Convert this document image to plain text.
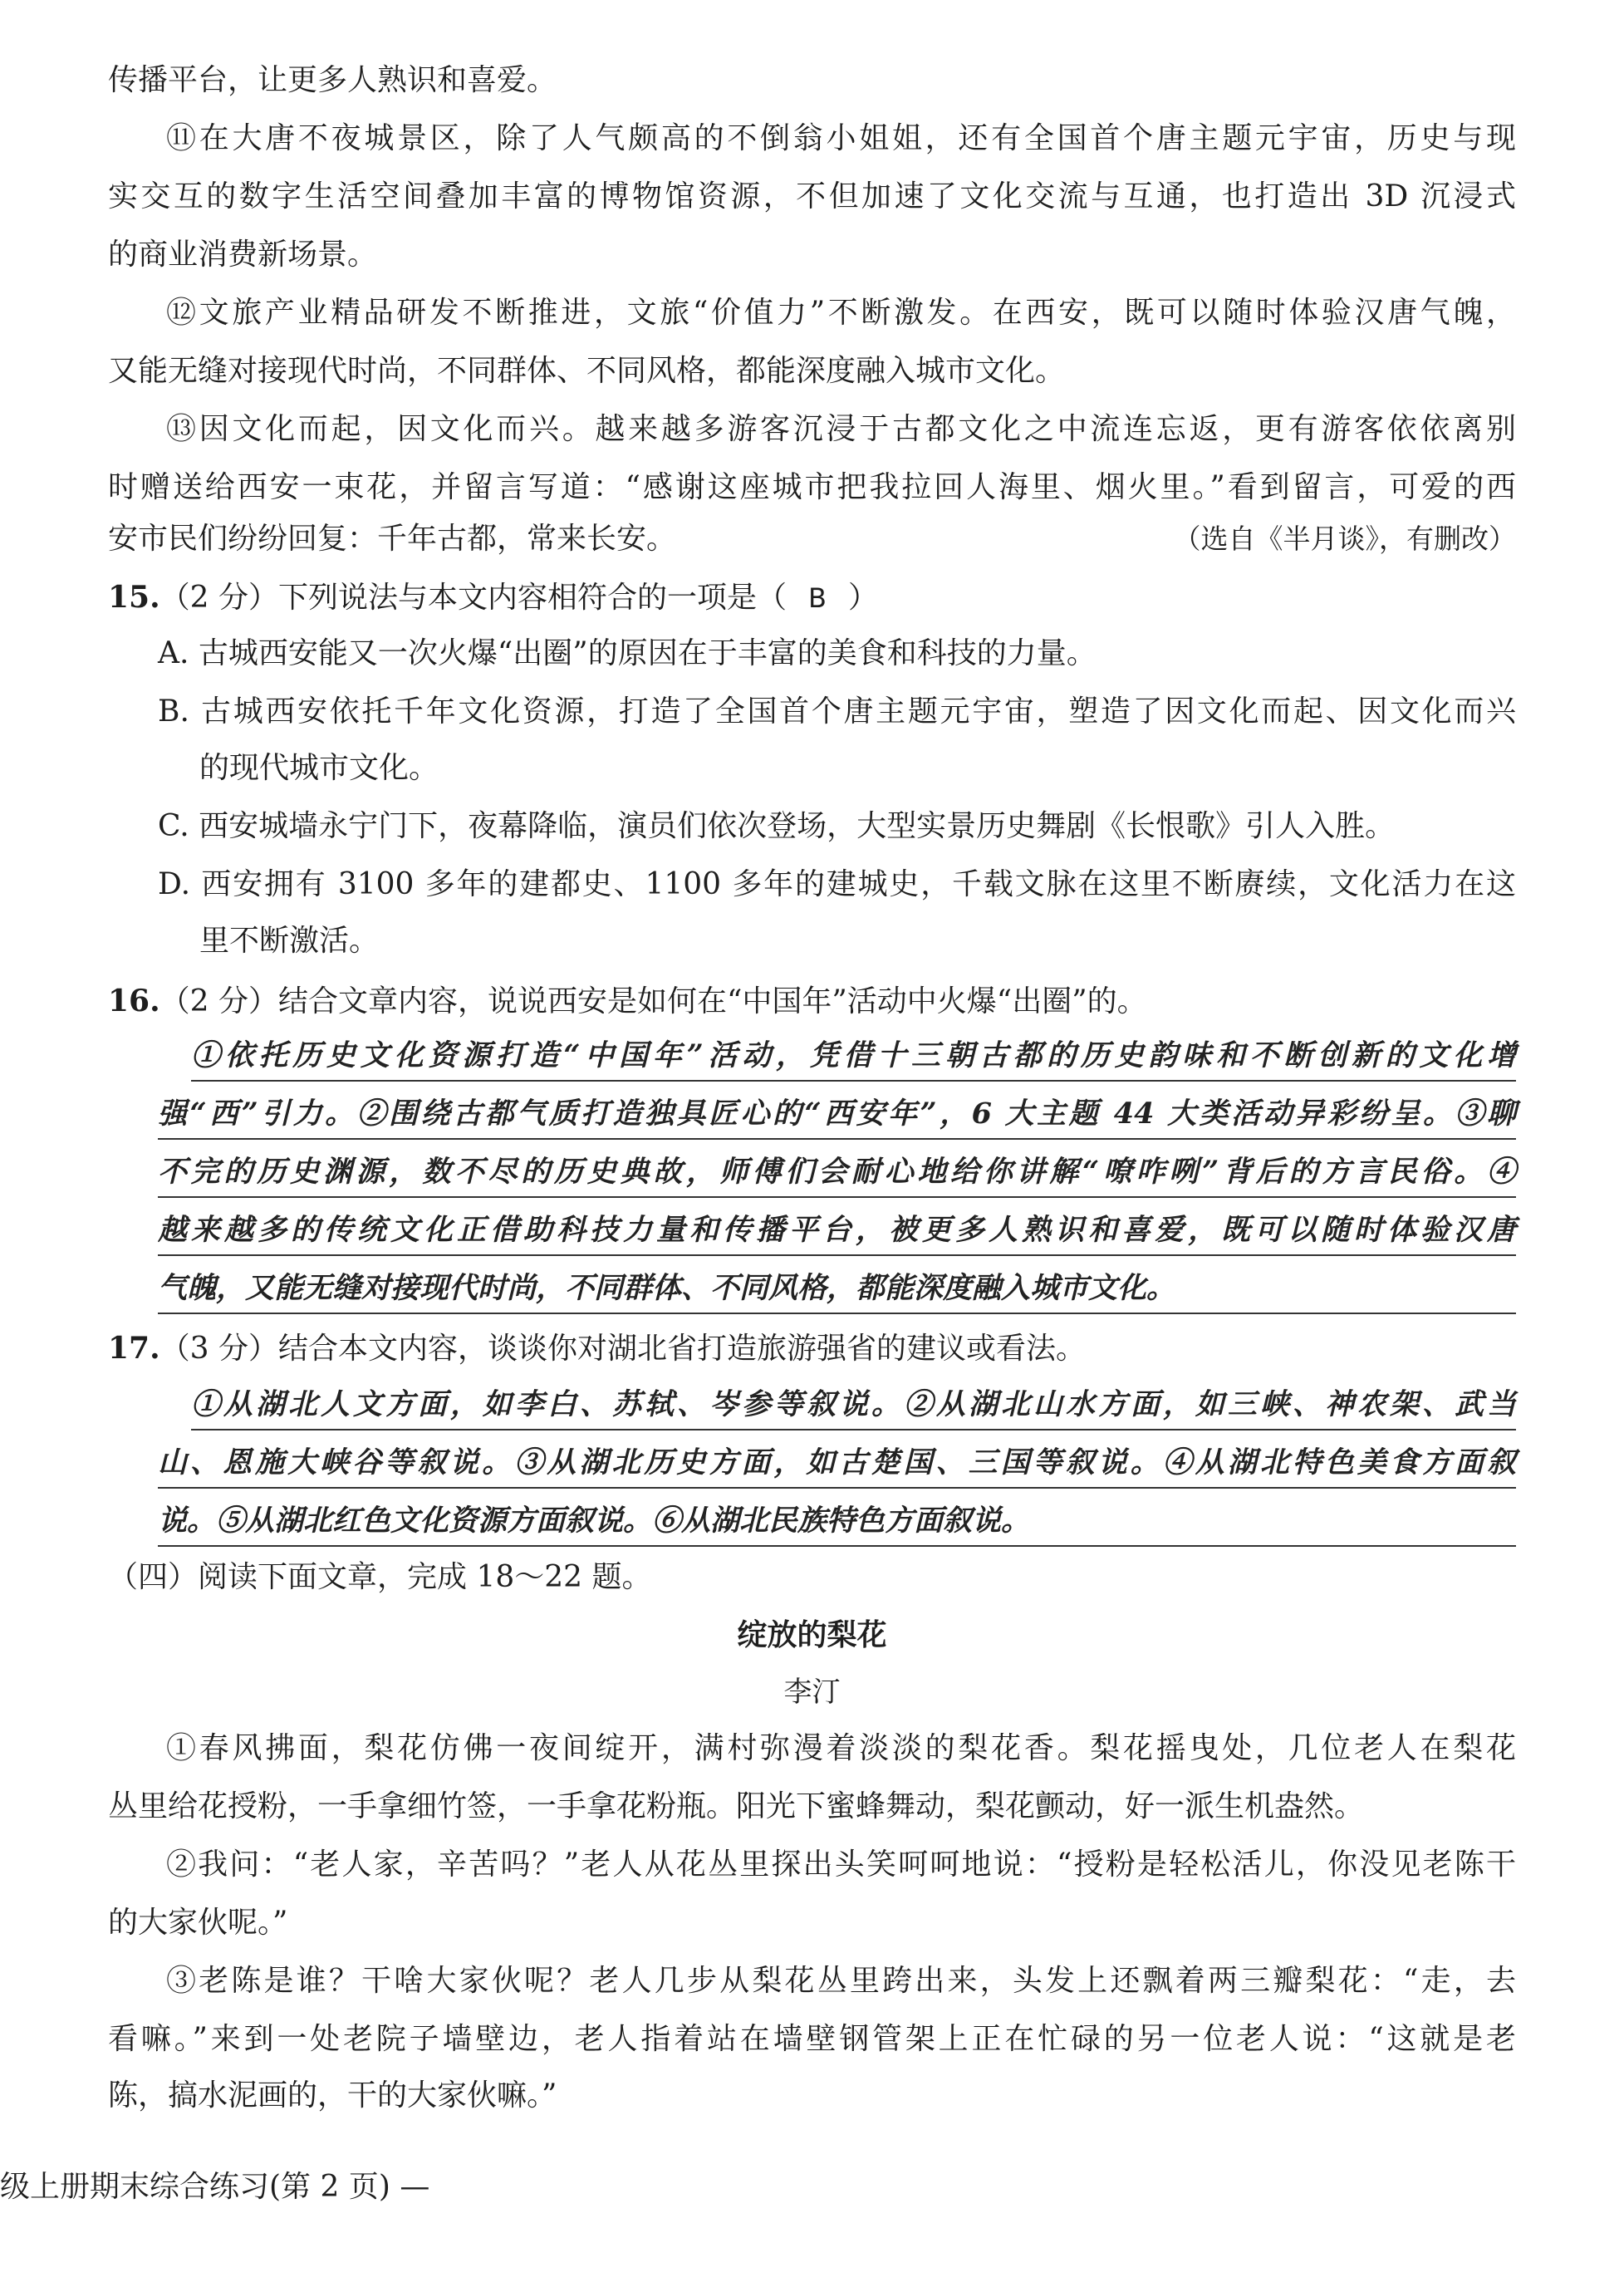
传播平台，让更多人熟识和喜爱。
⑪在大唐不夜城景区，除了人气颇高的不倒翁小姐姐，还有全国首个唐主题元宇宙，历史与现
实交互的数字生活空间叠加丰富的博物馆资源，不但加速了文化交流与互通，也打造出 3D 沉浸式
的商业消费新场景。
⑫文旅产业精品研发不断推进，文旅“价值力”不断激发。在西安，既可以随时体验汉唐气魄，
又能无缝对接现代时尚，不同群体、不同风格，都能深度融入城市文化。
⑬因文化而起，因文化而兴。越来越多游客沉浸于古都文化之中流连忘返，更有游客依依离别
时赠送给西安一束花，并留言写道：“感谢这座城市把我拉回人海里、烟火里。”看到留言，可爱的西
安市民们纷纷回复：千年古都，常来长安。	（选自《半月谈》，有删改）
15.（2 分）下列说法与本文内容相符合的一项是（ B ）
A. 古城西安能又一次火爆“出圈”的原因在于丰富的美食和科技的力量。
B. 古城西安依托千年文化资源，打造了全国首个唐主题元宇宙，塑造了因文化而起、因文化而兴
的现代城市文化。
C. 西安城墙永宁门下，夜幕降临，演员们依次登场，大型实景历史舞剧《长恨歌》引人入胜。
D. 西安拥有 3100 多年的建都史、1100 多年的建城史，千载文脉在这里不断赓续，文化活力在这
里不断激活。
16.（2 分）结合文章内容，说说西安是如何在“中国年”活动中火爆“出圈”的。
①依托历史文化资源打造“中国年”活动，凭借十三朝古都的历史韵味和不断创新的文化增
强“西”引力。②围绕古都气质打造独具匠心的“西安年”，6 大主题 44 大类活动异彩纷呈。③聊
不完的历史渊源，数不尽的历史典故，师傅们会耐心地给你讲解“嘹咋咧”背后的方言民俗。④
越来越多的传统文化正借助科技力量和传播平台，被更多人熟识和喜爱，既可以随时体验汉唐
气魄，又能无缝对接现代时尚，不同群体、不同风格，都能深度融入城市文化。
17.（3 分）结合本文内容，谈谈你对湖北省打造旅游强省的建议或看法。
①从湖北人文方面，如李白、苏轼、岑参等叙说。②从湖北山水方面，如三峡、神农架、武当
山、恩施大峡谷等叙说。③从湖北历史方面，如古楚国、三国等叙说。④从湖北特色美食方面叙
说。⑤从湖北红色文化资源方面叙说。⑥从湖北民族特色方面叙说。
（四）阅读下面文章，完成 18～22 题。
绽放的梨花
李汀
①春风拂面，梨花仿佛一夜间绽开，满村弥漫着淡淡的梨花香。梨花摇曳处，几位老人在梨花
丛里给花授粉，一手拿细竹签，一手拿花粉瓶。阳光下蜜蜂舞动，梨花颤动，好一派生机盎然。
②我问：“老人家，辛苦吗？”老人从花丛里探出头笑呵呵地说：“授粉是轻松活儿，你没见老陈干
的大家伙呢。”
③老陈是谁？干啥大家伙呢？老人几步从梨花丛里跨出来，头发上还飘着两三瓣梨花：“走，去
看嘛。”来到一处老院子墙壁边，老人指着站在墙壁钢管架上正在忙碌的另一位老人说：“这就是老
陈，搞水泥画的，干的大家伙嘛。”
级上册期末综合练习(第 2 页) —
